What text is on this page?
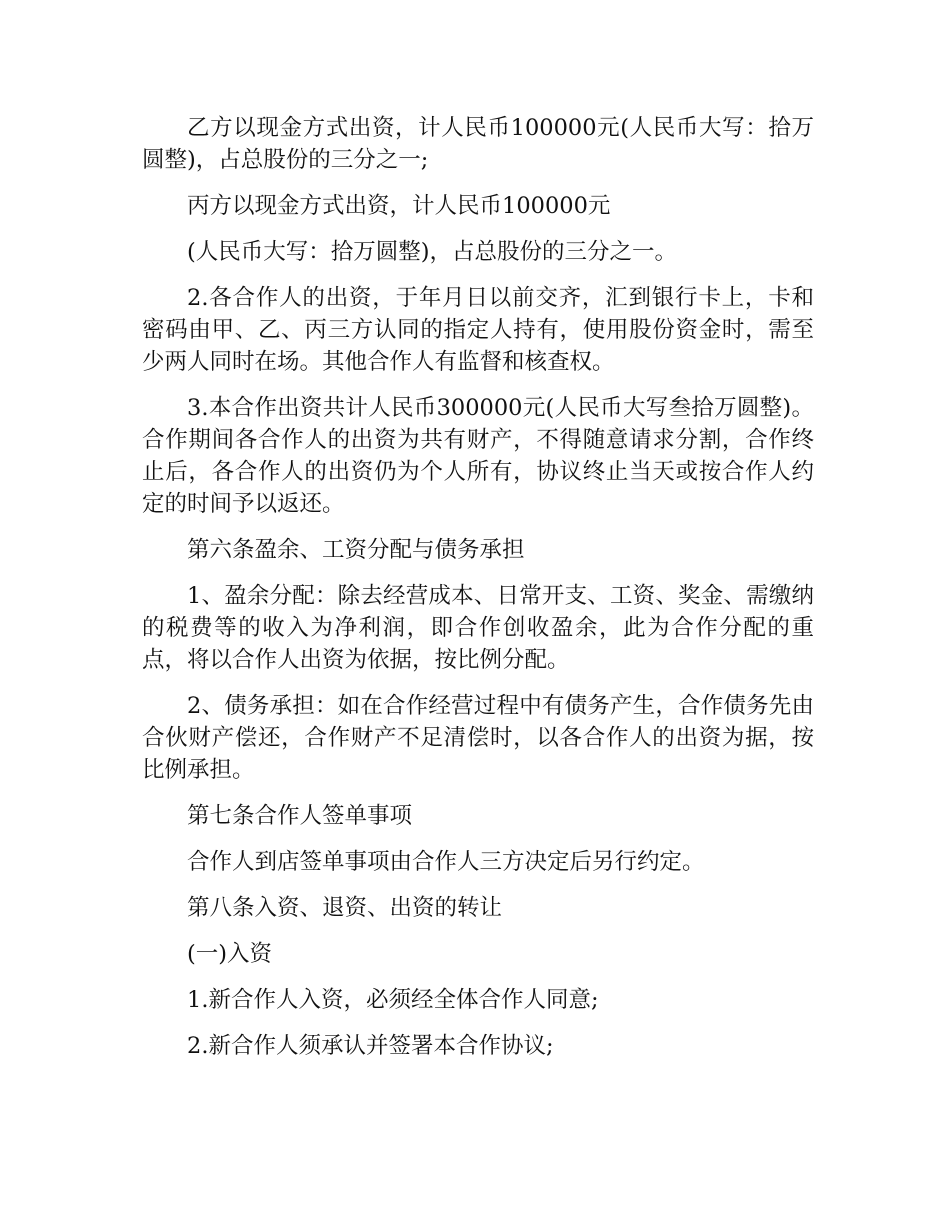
乙方以现金方式出资，计人民币100000元(人民币大写：拾万圆整)，占总股份的三分之一;

丙方以现金方式出资，计人民币100000元

(人民币大写：拾万圆整)，占总股份的三分之一。

2.各合作人的出资，于年月日以前交齐，汇到银行卡上，卡和密码由甲、乙、丙三方认同的指定人持有，使用股份资金时，需至少两人同时在场。其他合作人有监督和核查权。

3.本合作出资共计人民币300000元(人民币大写叁拾万圆整)。合作期间各合作人的出资为共有财产，不得随意请求分割，合作终止后，各合作人的出资仍为个人所有，协议终止当天或按合作人约定的时间予以返还。

第六条盈余、工资分配与债务承担

1、盈余分配：除去经营成本、日常开支、工资、奖金、需缴纳的税费等的收入为净利润，即合作创收盈余，此为合作分配的重点，将以合作人出资为依据，按比例分配。

2、债务承担：如在合作经营过程中有债务产生，合作债务先由合伙财产偿还，合作财产不足清偿时，以各合作人的出资为据，按比例承担。

第七条合作人签单事项

合作人到店签单事项由合作人三方决定后另行约定。

第八条入资、退资、出资的转让

(一)入资

1.新合作人入资，必须经全体合作人同意;

2.新合作人须承认并签署本合作协议;
